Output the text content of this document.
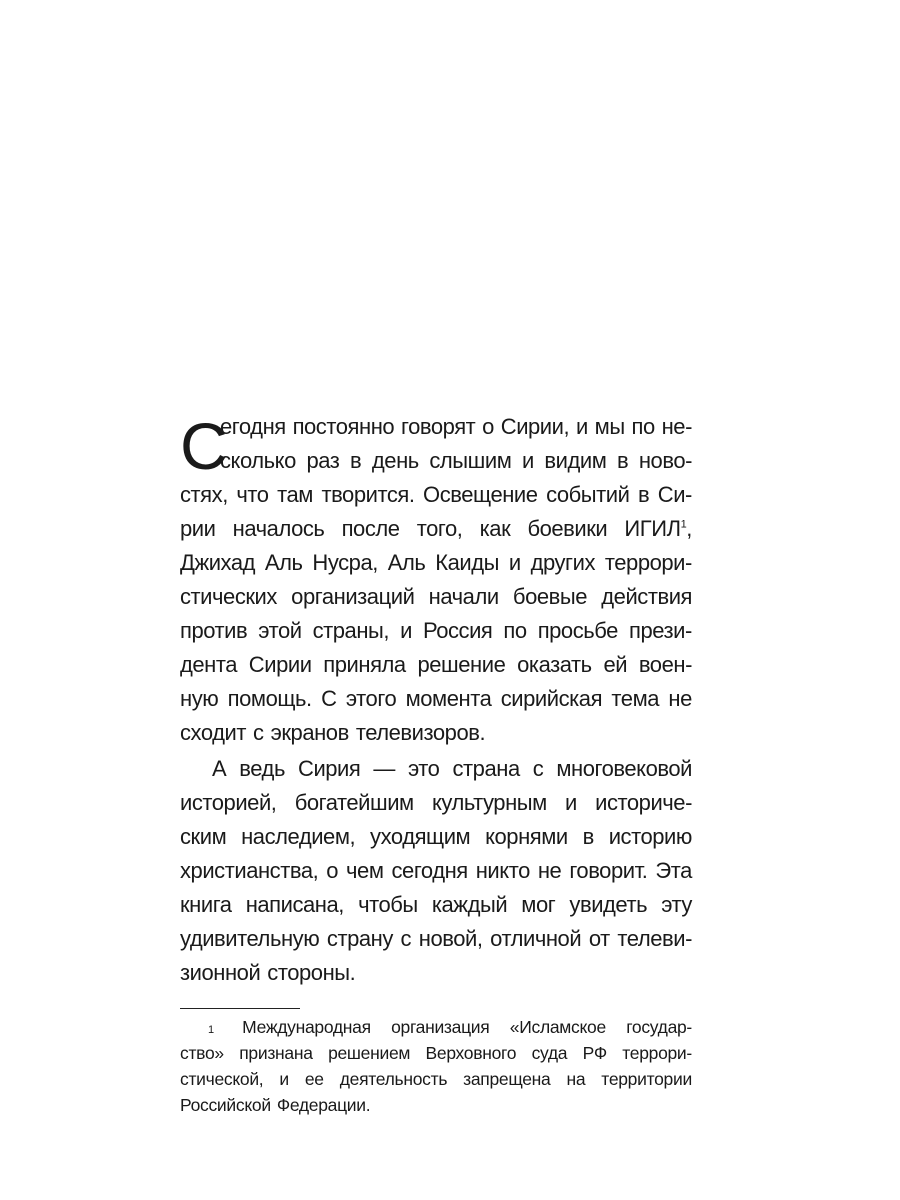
С
егодня постоянно говорят о Сирии, и мы по не-
сколько раз в день слышим и видим в ново-
стях, что там творится. Освещение событий в Си-
рии началось после того, как боевики ИГИЛ$^1$,
Джихад Аль Нусра, Аль Каиды и других террори-
стических организаций начали боевые действия
против этой страны, и Россия по просьбе прези-
дента Сирии приняла решение оказать ей воен-
ную помощь. С этого момента сирийская тема не
сходит с экранов телевизоров.
А ведь Сирия — это страна с многовековой
историей, богатейшим культурным и историче-
ским наследием, уходящим корнями в историю
христианства, о чем сегодня никто не говорит. Эта
книга написана, чтобы каждый мог увидеть эту
удивительную страну с новой, отличной от телеви-
зионной стороны.
1 Международная организация «Исламское государ-
ство» признана решением Верховного суда РФ террори-
стической, и ее деятельность запрещена на территории
Российской Федерации.
